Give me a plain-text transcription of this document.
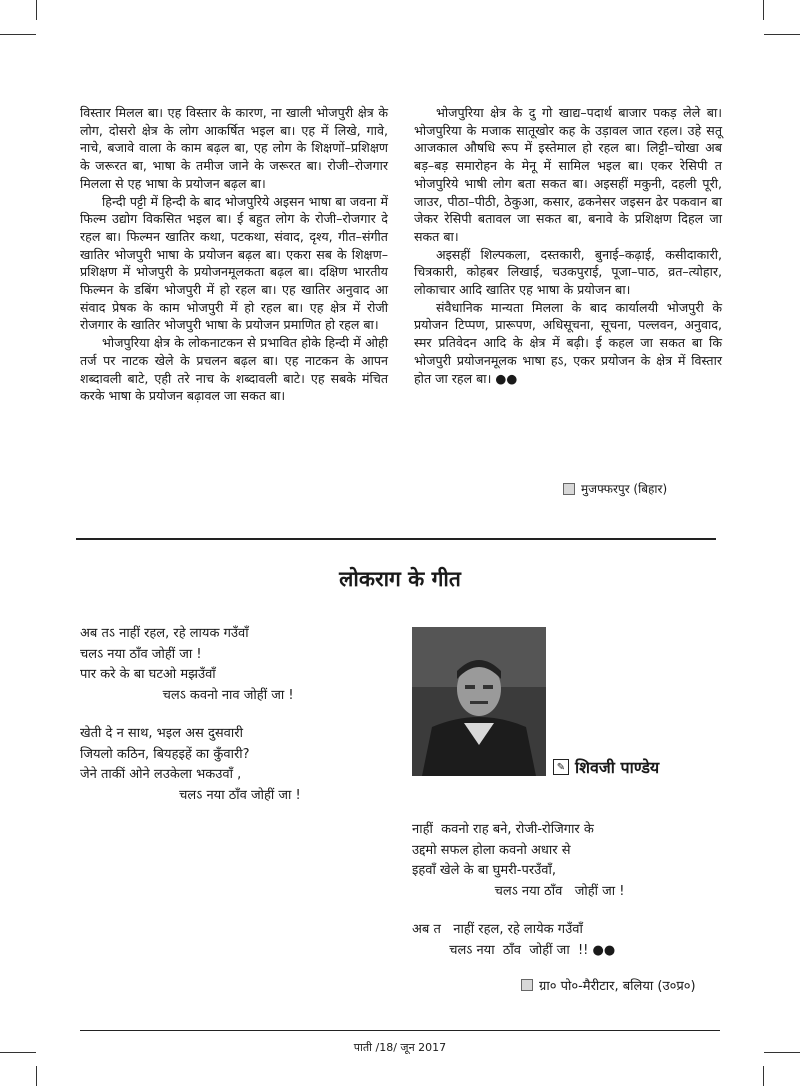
विस्तार मिलल बा। एह विस्तार के कारण, ना खाली भोजपुरी क्षेत्र के लोग, दोसरो क्षेत्र के लोग आकर्षित भइल बा। एह में लिखे, गावे, नाचे, बजावे वाला के काम बढ़ल बा, एह लोग के शिक्षणों–प्रशिक्षण के जरूरत बा, भाषा के तमीज जाने के जरूरत बा। रोजी–रोजगार मिलला से एह भाषा के प्रयोजन बढ़ल बा।

हिन्दी पट्टी में हिन्दी के बाद भोजपुरिये अइसन भाषा बा जवना में फिल्म उद्योग विकसित भइल बा। ई बहुत लोग के रोजी–रोजगार दे रहल बा। फिल्मन खातिर कथा, पटकथा, संवाद, दृश्य, गीत–संगीत खातिर भोजपुरी भाषा के प्रयोजन बढ़ल बा। एकरा सब के शिक्षण–प्रशिक्षण में भोजपुरी के प्रयोजनमूलकता बढ़ल बा। दक्षिण भारतीय फिल्मन के डबिंग भोजपुरी में हो रहल बा। एह खातिर अनुवाद आ संवाद प्रेषक के काम भोजपुरी में हो रहल बा। एह क्षेत्र में रोजी रोजगार के खातिर भोजपुरी भाषा के प्रयोजन प्रमाणित हो रहल बा।

भोजपुरिया क्षेत्र के लोकनाटकन से प्रभावित होके हिन्दी में ओही तर्ज पर नाटक खेले के प्रचलन बढ़ल बा। एह नाटकन के आपन शब्दावली बाटे, एही तरे नाच के शब्दावली बाटे। एह सबके मंचित करके भाषा के प्रयोजन बढ़ावल जा सकत बा।

भोजपुरिया क्षेत्र के दु गो खाद्य–पदार्थ बाजार पकड़ लेले बा। भोजपुरिया के मजाक सातूखोर कह के उड़ावल जात रहल। उहे सतू आजकाल औषधि रूप में इस्तेमाल हो रहल बा। लिट्टी–चोखा अब बड़–बड़ समारोहन के मेनू में सामिल भइल बा। एकर रेसिपी त भोजपुरिये भाषी लोग बता सकत बा। अइसहीं मकुनी, दहली पूरी, जाउर, पीठा–पीठी, ठेकुआ, कसार, ढकनेसर जइसन ढेर पकवान बा जेकर रेसिपी बतावल जा सकत बा, बनावे के प्रशिक्षण दिहल जा सकत बा।

अइसहीं शिल्पकला, दस्तकारी, बुनाई–कढ़ाई, कसीदाकारी, चित्रकारी, कोहबर लिखाई, चउकपुराई, पूजा–पाठ, व्रत–त्योहार, लोकाचार आदि खातिर एह भाषा के प्रयोजन बा।

संवैधानिक मान्यता मिलला के बाद कार्यालयी भोजपुरी के प्रयोजन टिप्पण, प्रारूपण, अधिसूचना, सूचना, पल्लवन, अनुवाद, स्मर प्रतिवेदन आदि के क्षेत्र में बढ़ी। ई कहल जा सकत बा कि भोजपुरी प्रयोजनमूलक भाषा हऽ, एकर प्रयोजन के क्षेत्र में विस्तार होत जा रहल बा। ●●

मुजफ्फरपुर (बिहार)
लोकराग के गीत
अब तऽ नाहीं रहल, रहे लायक गउँवाँ
चलऽ नया ठाँव जोहीं जा !
पार करे के बा घटओ मझउँवाँ
चलऽ कवनो नाव जोहीं जा !
खेती दे न साथ, भइल अस दुसवारी
जियलो कठिन, बियहइहें का कुँवारी?
जेने ताकीं ओने लउकेला भकउवाँ ,
चलऽ नया ठाँव जोहीं जा !
✎ शिवजी पाण्डेय
नाहीं  कवनो राह बने, रोजी-रोजिगार के
उद्दमो सफल होला कवनो अधार से
इहवाँ खेले के बा घुमरी-परउँवाँ,
चलऽ नया ठाँव   जोहीं जा !
अब त   नाहीं रहल, रहे लायेक गउँवाँ
चलऽ नया  ठाँव  जोहीं जा  !! ●●
ग्रा० पो०-मैरीटार, बलिया (उ०प्र०)
पाती /18/ जून 2017
